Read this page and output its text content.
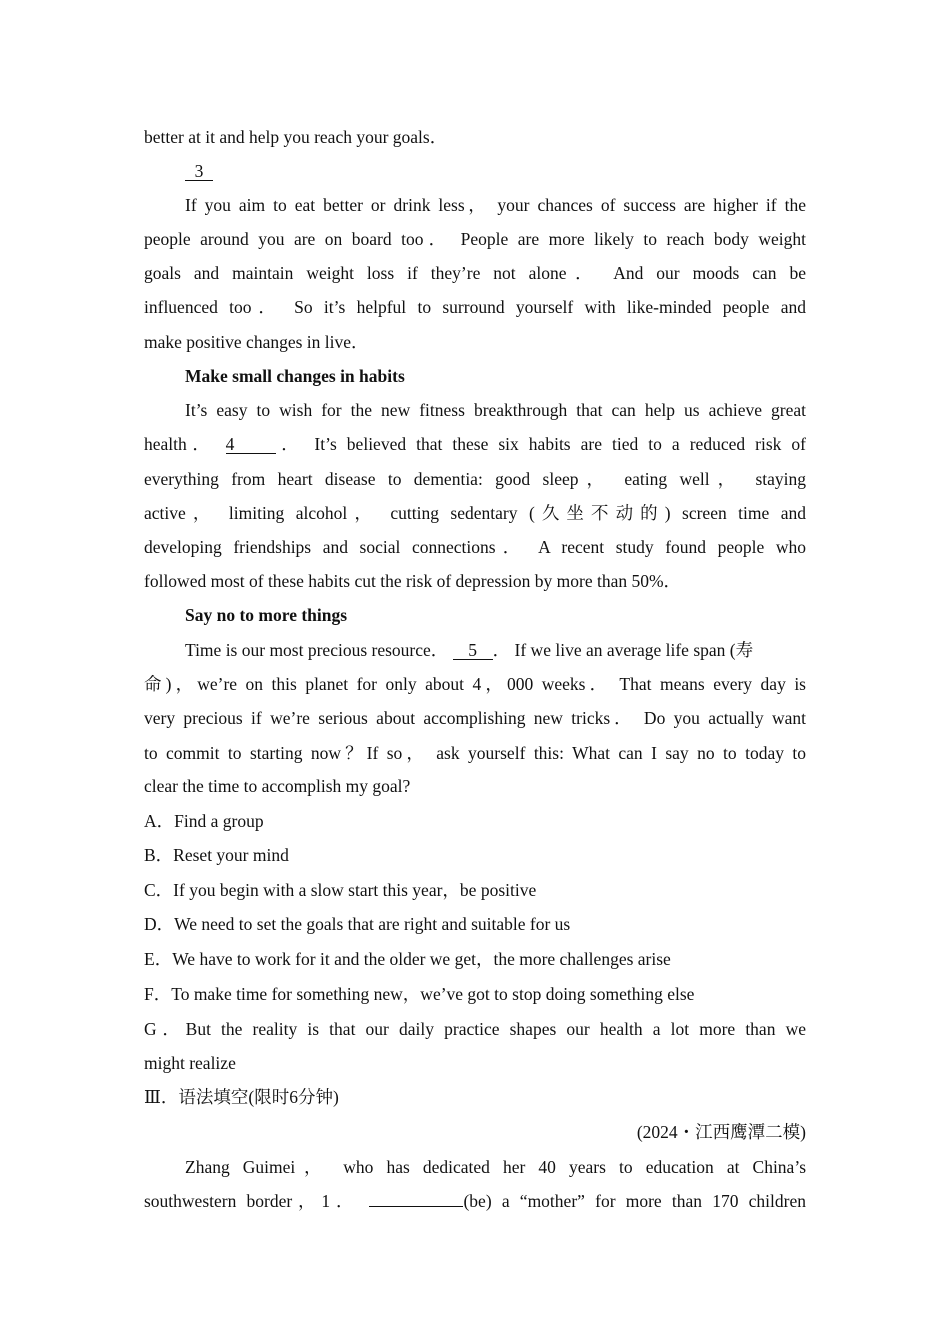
better at it and help you reach your goals．
3
If you aim to eat better or drink less， your chances of success are higher if the
people around you are on board too． People are more likely to reach body weight
goals and maintain weight loss if they’re not alone． And our moods can be
influenced too． So it’s helpful to surround yourself with like-minded people and
make positive changes in live．
Make small changes in habits
It’s easy to wish for the new fitness breakthrough that can help us achieve great
health． 4 ． It’s believed that these six habits are tied to a reduced risk of
everything from heart disease to dementia: good sleep， eating well， staying
active， limiting alcohol， cutting sedentary (久坐不动的) screen time and
developing friendships and social connections． A recent study found people who
followed most of these habits cut the risk of depression by more than 50%．
Say no to more things
Time is our most precious resource． 5 ． If we live an average life span (寿
命)，we’re on this planet for only about 4，000 weeks． That means every day is
very precious if we’re serious about accomplishing new tricks． Do you actually want
to commit to starting now？If so， ask yourself this: What can I say no to today to
clear the time to accomplish my goal?
A．Find a group
B．Reset your mind
C．If you begin with a slow start this year，be positive
D．We need to set the goals that are right and suitable for us
E．We have to work for it and the older we get，the more challenges arise
F．To make time for something new，we’ve got to stop doing something else
G．But the reality is that our daily practice shapes our health a lot more than we
might realize
Ⅲ．语法填空(限时6分钟)
(2024・江西鹰潭二模)
Zhang Guimei， who has dedicated her 40 years to education at China’s
southwestern border，1．	(be) a “mother” for more than 170 children
